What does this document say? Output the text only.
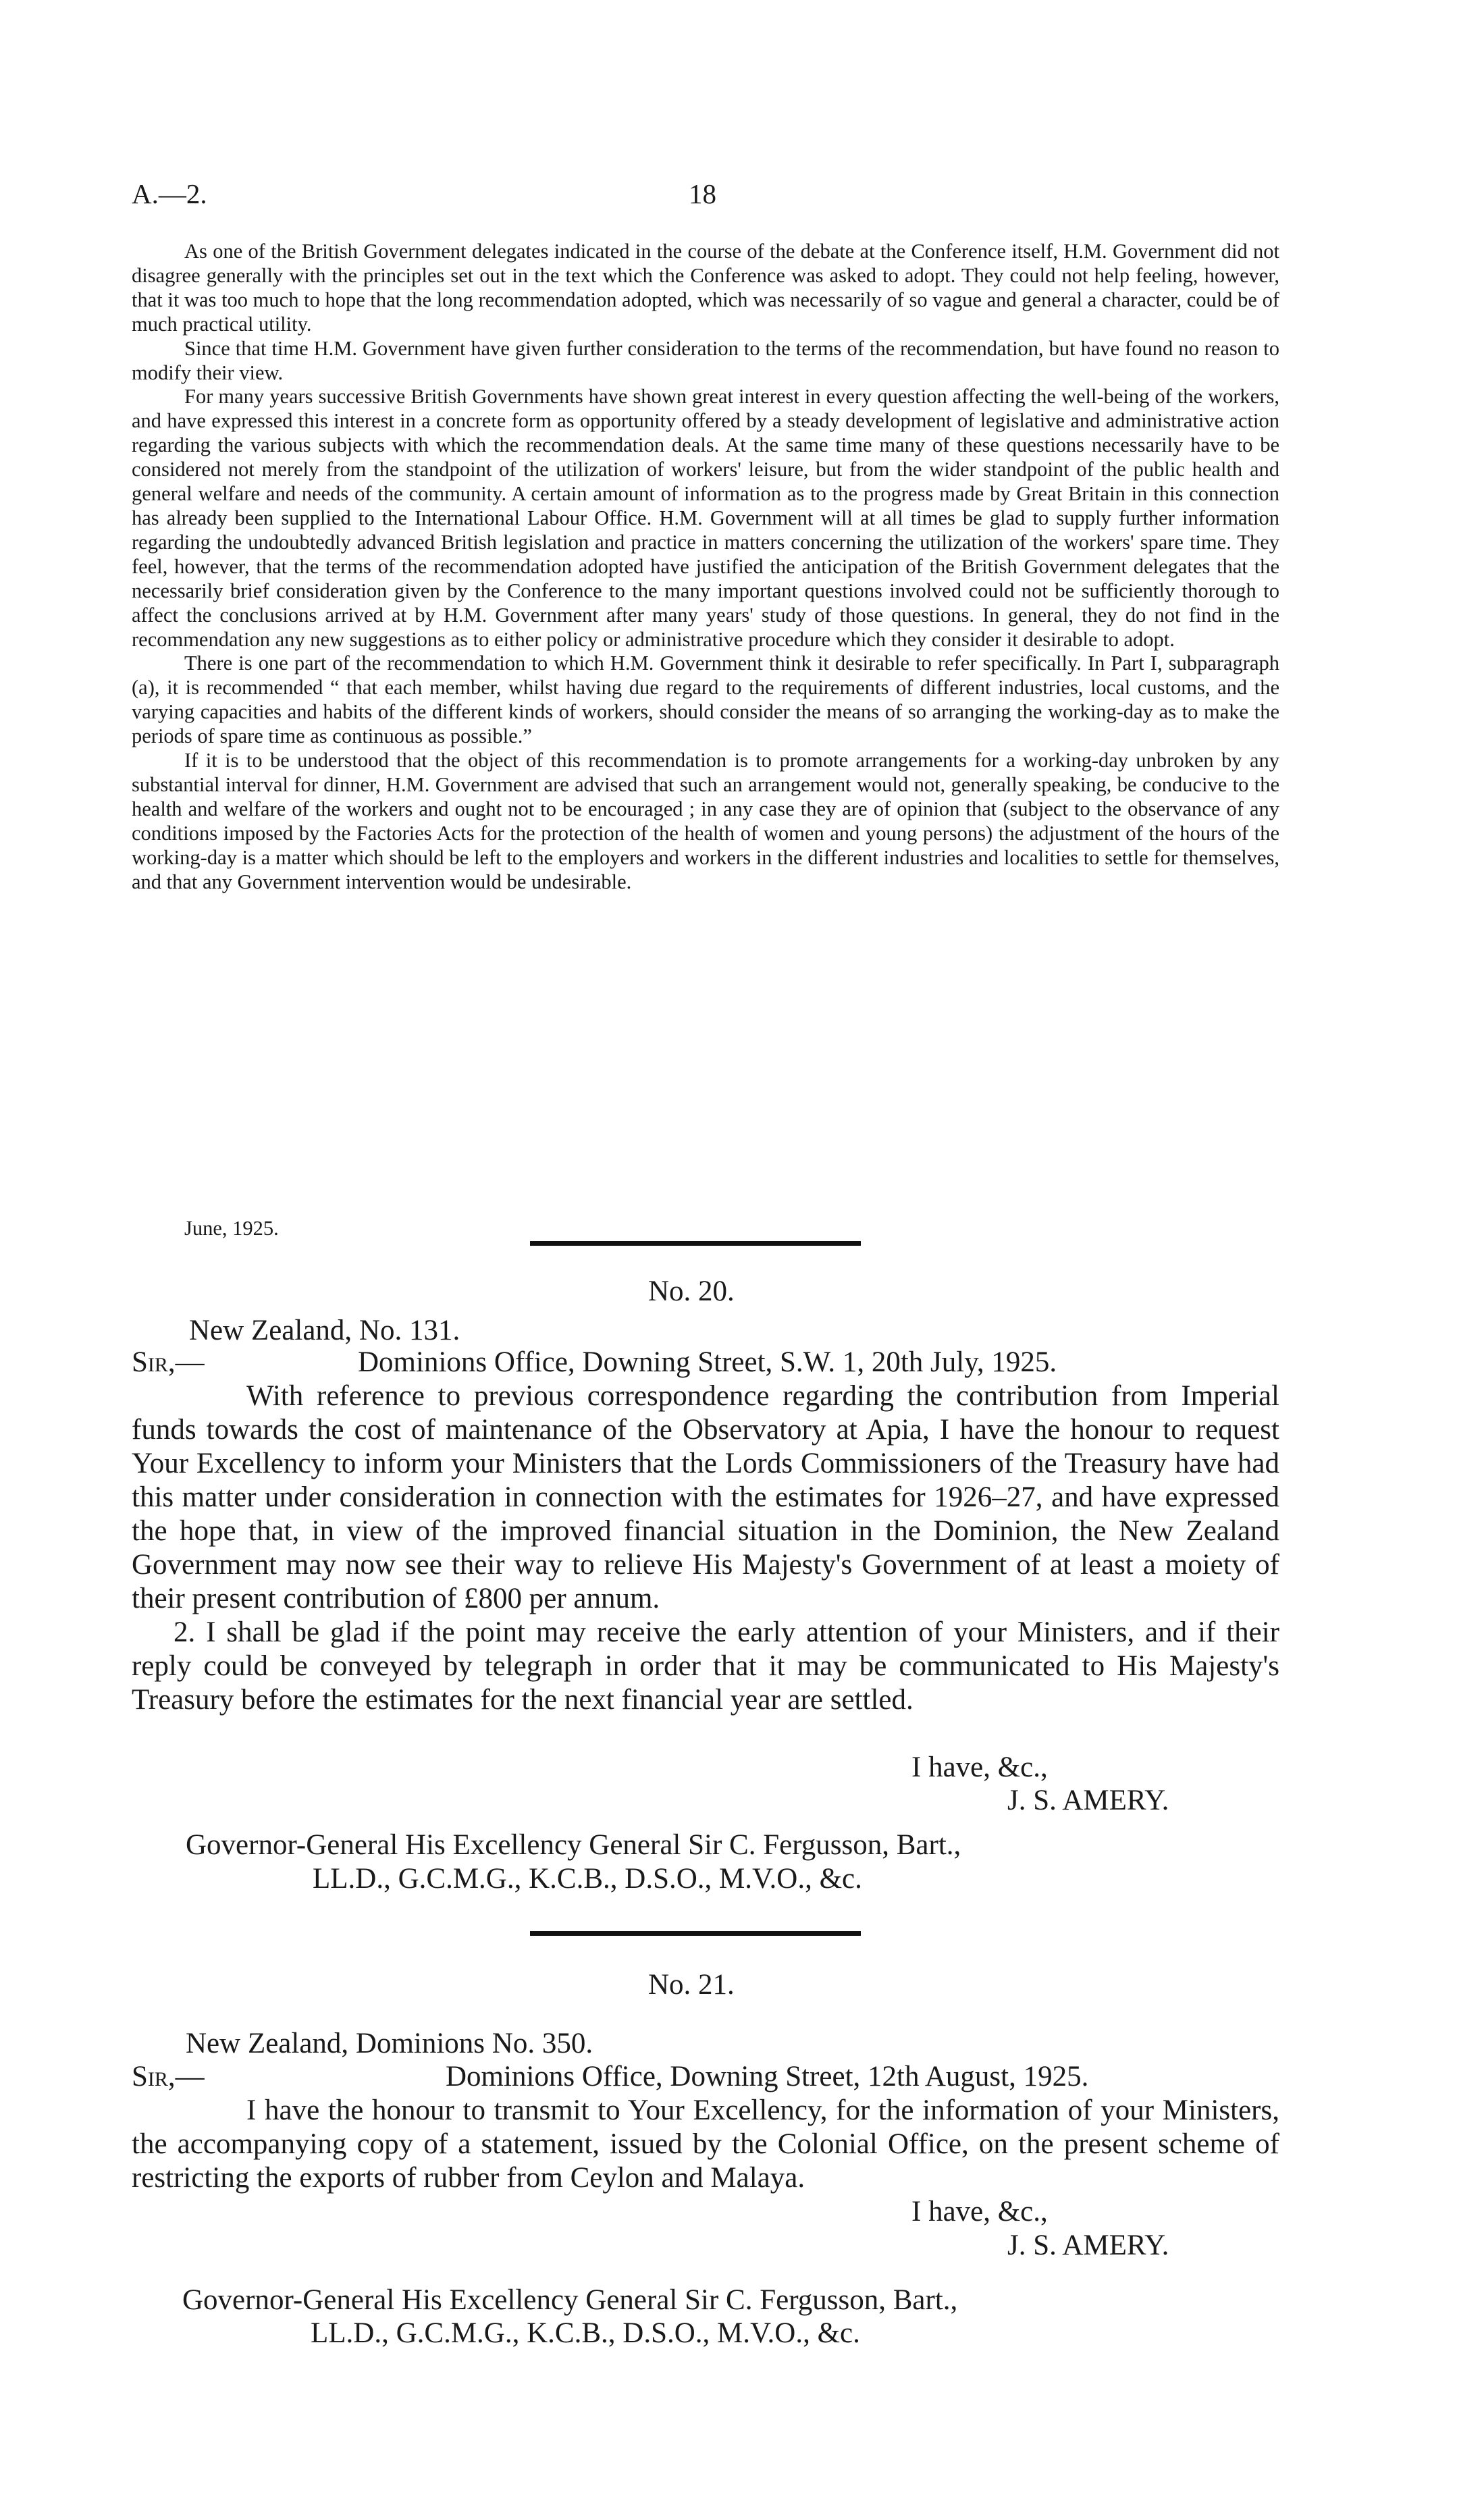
A.—2.	18

As one of the British Government delegates indicated in the course of the debate at the Conference itself, H.M. Government did not disagree generally with the principles set out in the text which the Conference was asked to adopt. They could not help feeling, however, that it was too much to hope that the long recommendation adopted, which was necessarily of so vague and general a character, could be of much practical utility.

Since that time H.M. Government have given further consideration to the terms of the recommendation, but have found no reason to modify their view.

For many years successive British Governments have shown great interest in every question affecting the well-being of the workers, and have expressed this interest in a concrete form as opportunity offered by a steady development of legislative and administrative action regarding the various subjects with which the recommendation deals. At the same time many of these questions necessarily have to be considered not merely from the standpoint of the utilization of workers' leisure, but from the wider standpoint of the public health and general welfare and needs of the community. A certain amount of information as to the progress made by Great Britain in this connection has already been supplied to the International Labour Office. H.M. Government will at all times be glad to supply further information regarding the undoubtedly advanced British legislation and practice in matters concerning the utilization of the workers' spare time. They feel, however, that the terms of the recommendation adopted have justified the anticipation of the British Government delegates that the necessarily brief consideration given by the Conference to the many important questions involved could not be sufficiently thorough to affect the conclusions arrived at by H.M. Government after many years' study of those questions. In general, they do not find in the recommendation any new suggestions as to either policy or administrative procedure which they consider it desirable to adopt.

There is one part of the recommendation to which H.M. Government think it desirable to refer specifically. In Part I, subparagraph (a), it is recommended “ that each member, whilst having due regard to the requirements of different industries, local customs, and the varying capacities and habits of the different kinds of workers, should consider the means of so arranging the working-day as to make the periods of spare time as continuous as possible.”

If it is to be understood that the object of this recommendation is to promote arrangements for a working-day unbroken by any substantial interval for dinner, H.M. Government are advised that such an arrangement would not, generally speaking, be conducive to the health and welfare of the workers and ought not to be encouraged ; in any case they are of opinion that (subject to the observance of any conditions imposed by the Factories Acts for the protection of the health of women and young persons) the adjustment of the hours of the working-day is a matter which should be left to the employers and workers in the different industries and localities to settle for themselves, and that any Government intervention would be undesirable.

June, 1925.
No. 20.
New Zealand, No. 131.
Sir,—	Dominions Office, Downing Street, S.W. 1, 20th July, 1925.

With reference to previous correspondence regarding the contribution from Imperial funds towards the cost of maintenance of the Observatory at Apia, I have the honour to request Your Excellency to inform your Ministers that the Lords Commissioners of the Treasury have had this matter under consideration in connection with the estimates for 1926–27, and have expressed the hope that, in view of the improved financial situation in the Dominion, the New Zealand Government may now see their way to relieve His Majesty's Government of at least a moiety of their present contribution of £800 per annum.

2. I shall be glad if the point may receive the early attention of your Ministers, and if their reply could be conveyed by telegraph in order that it may be communicated to His Majesty's Treasury before the estimates for the next financial year are settled.

I have, &c.,
J. S. AMERY.
Governor-General His Excellency General Sir C. Fergusson, Bart.,
LL.D., G.C.M.G., K.C.B., D.S.O., M.V.O., &c.
No. 21.
New Zealand, Dominions No. 350.
Sir,—	Dominions Office, Downing Street, 12th August, 1925.

I have the honour to transmit to Your Excellency, for the information of your Ministers, the accompanying copy of a statement, issued by the Colonial Office, on the present scheme of restricting the exports of rubber from Ceylon and Malaya.

I have, &c.,
J. S. AMERY.
Governor-General His Excellency General Sir C. Fergusson, Bart.,
LL.D., G.C.M.G., K.C.B., D.S.O., M.V.O., &c.
